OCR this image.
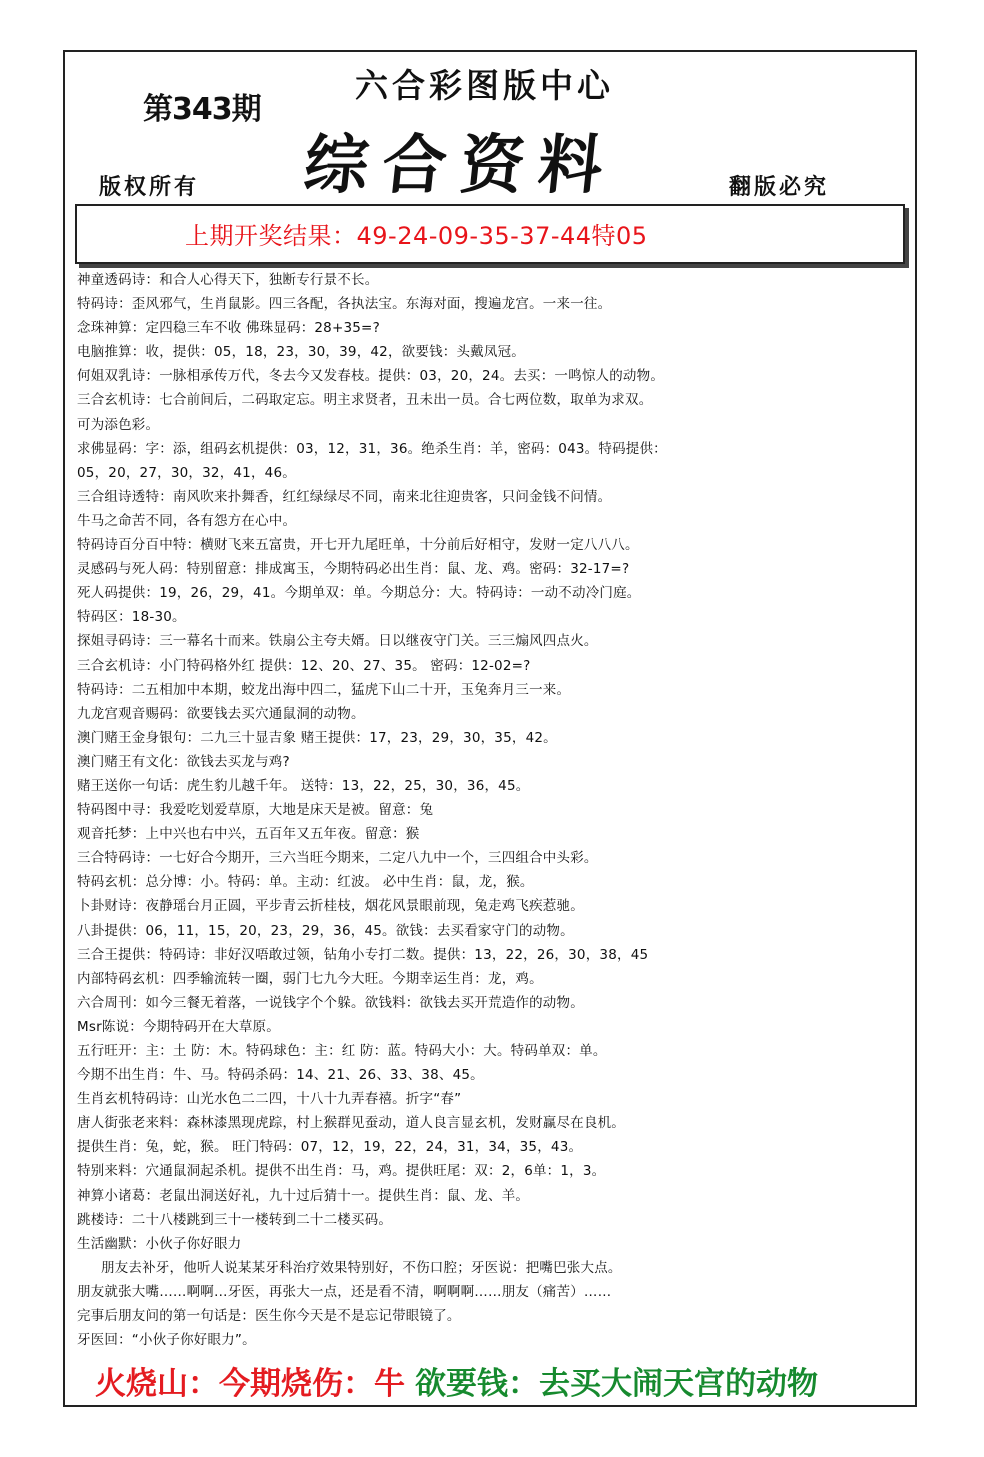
第343期
六合彩图版中心
综合资料
版权所有	翻版必究
上期开奖结果：49-24-09-35-37-44特05
神童透码诗：和合人心得天下，独断专行景不长。
特码诗：歪风邪气，生肖鼠影。四三各配，各执法宝。东海对面，搜遍龙宫。一来一往。
念珠神算：定四稳三车不收 佛珠显码：28+35=?
电脑推算：收，提供：05，18，23，30，39，42，欲要钱：头戴凤冠。
何姐双乳诗：一脉相承传万代，冬去今又发春枝。提供：03，20，24。去买：一鸣惊人的动物。
三合玄机诗：七合前间后，二码取定忘。明主求贤者，丑未出一员。合七两位数，取单为求双。
可为添色彩。
求佛显码：字：添，组码玄机提供：03，12，31，36。绝杀生肖：羊，密码：043。特码提供：
05，20，27，30，32，41，46。
三合组诗透特：南风吹来扑舞香，红红绿绿尽不同，南来北往迎贵客，只问金钱不问情。
牛马之命苦不同，各有怨方在心中。
特码诗百分百中特：横财飞来五富贵，开七开九尾旺单，十分前后好相守，发财一定八八八。
灵感码与死人码：特别留意：排成寓玉，今期特码必出生肖：鼠、龙、鸡。密码：32-17=?
死人码提供：19，26，29，41。今期单双：单。今期总分：大。特码诗：一动不动冷门庭。
特码区：18-30。
探姐寻码诗：三一幕名十而来。铁扇公主夸夫婿。日以继夜守门关。三三煽风四点火。
三合玄机诗：小门特码格外红 提供：12、20、27、35。 密码：12-02=?
特码诗：二五相加中本期，蛟龙出海中四二，猛虎下山二十开，玉兔奔月三一来。
九龙宫观音赐码：欲要钱去买穴通鼠洞的动物。
澳门赌王金身银句：二九三十显吉象 赌王提供：17，23，29，30，35，42。
澳门赌王有文化：欲钱去买龙与鸡?
赌王送你一句话：虎生豹儿越千年。 送特：13，22，25，30，36，45。
特码图中寻：我爱吃划爱草原，大地是床天是被。留意：兔
观音托梦：上中兴也右中兴，五百年又五年夜。留意：猴
三合特码诗：一七好合今期开，三六当旺今期来，二定八九中一个，三四组合中头彩。
特码玄机：总分博：小。特码：单。主动：红波。 必中生肖：鼠，龙，猴。
卜卦财诗：夜静瑶台月正圆，平步青云折桂枝，烟花风景眼前现，兔走鸡飞疾惹驰。
八卦提供：06，11，15，20，23，29，36，45。欲钱：去买看家守门的动物。
三合王提供：特码诗：非好汉唔敢过领，钻角小专打二数。提供：13，22，26，30，38，45
内部特码玄机：四季输流转一圈，弱门七九今大旺。今期幸运生肖：龙，鸡。
六合周刊：如今三餐无着落，一说钱字个个躲。欲钱料：欲钱去买开荒造作的动物。
Msr陈说：今期特码开在大草原。
五行旺开：主：土 防：木。特码球色：主：红 防：蓝。特码大小：大。特码单双：单。
今期不出生肖：牛、马。特码杀码：14、21、26、33、38、45。
生肖玄机特码诗：山光水色二二四，十八十九弄春禧。折字“春”
唐人街张老来料：森林漆黑现虎踪，村上猴群见蚕动，道人良言显玄机，发财赢尽在良机。
提供生肖：兔，蛇，猴。 旺门特码：07，12，19，22，24，31，34，35，43。
特别来料：穴通鼠洞起杀机。提供不出生肖：马，鸡。提供旺尾：双：2，6单：1，3。
神算小诸葛：老鼠出洞送好礼，九十过后猜十一。提供生肖：鼠、龙、羊。
跳楼诗：二十八楼跳到三十一楼转到二十二楼买码。
生活幽默：小伙子你好眼力
朋友去补牙，他听人说某某牙科治疗效果特别好，不伤口腔；牙医说：把嘴巴张大点。
朋友就张大嘴……啊啊…牙医，再张大一点，还是看不清，啊啊啊……朋友（痛苦）……
完事后朋友问的第一句话是：医生你今天是不是忘记带眼镜了。
牙医回：“小伙子你好眼力”。
火烧山：今期烧伤：牛 欲要钱：去买大闹天宫的动物
